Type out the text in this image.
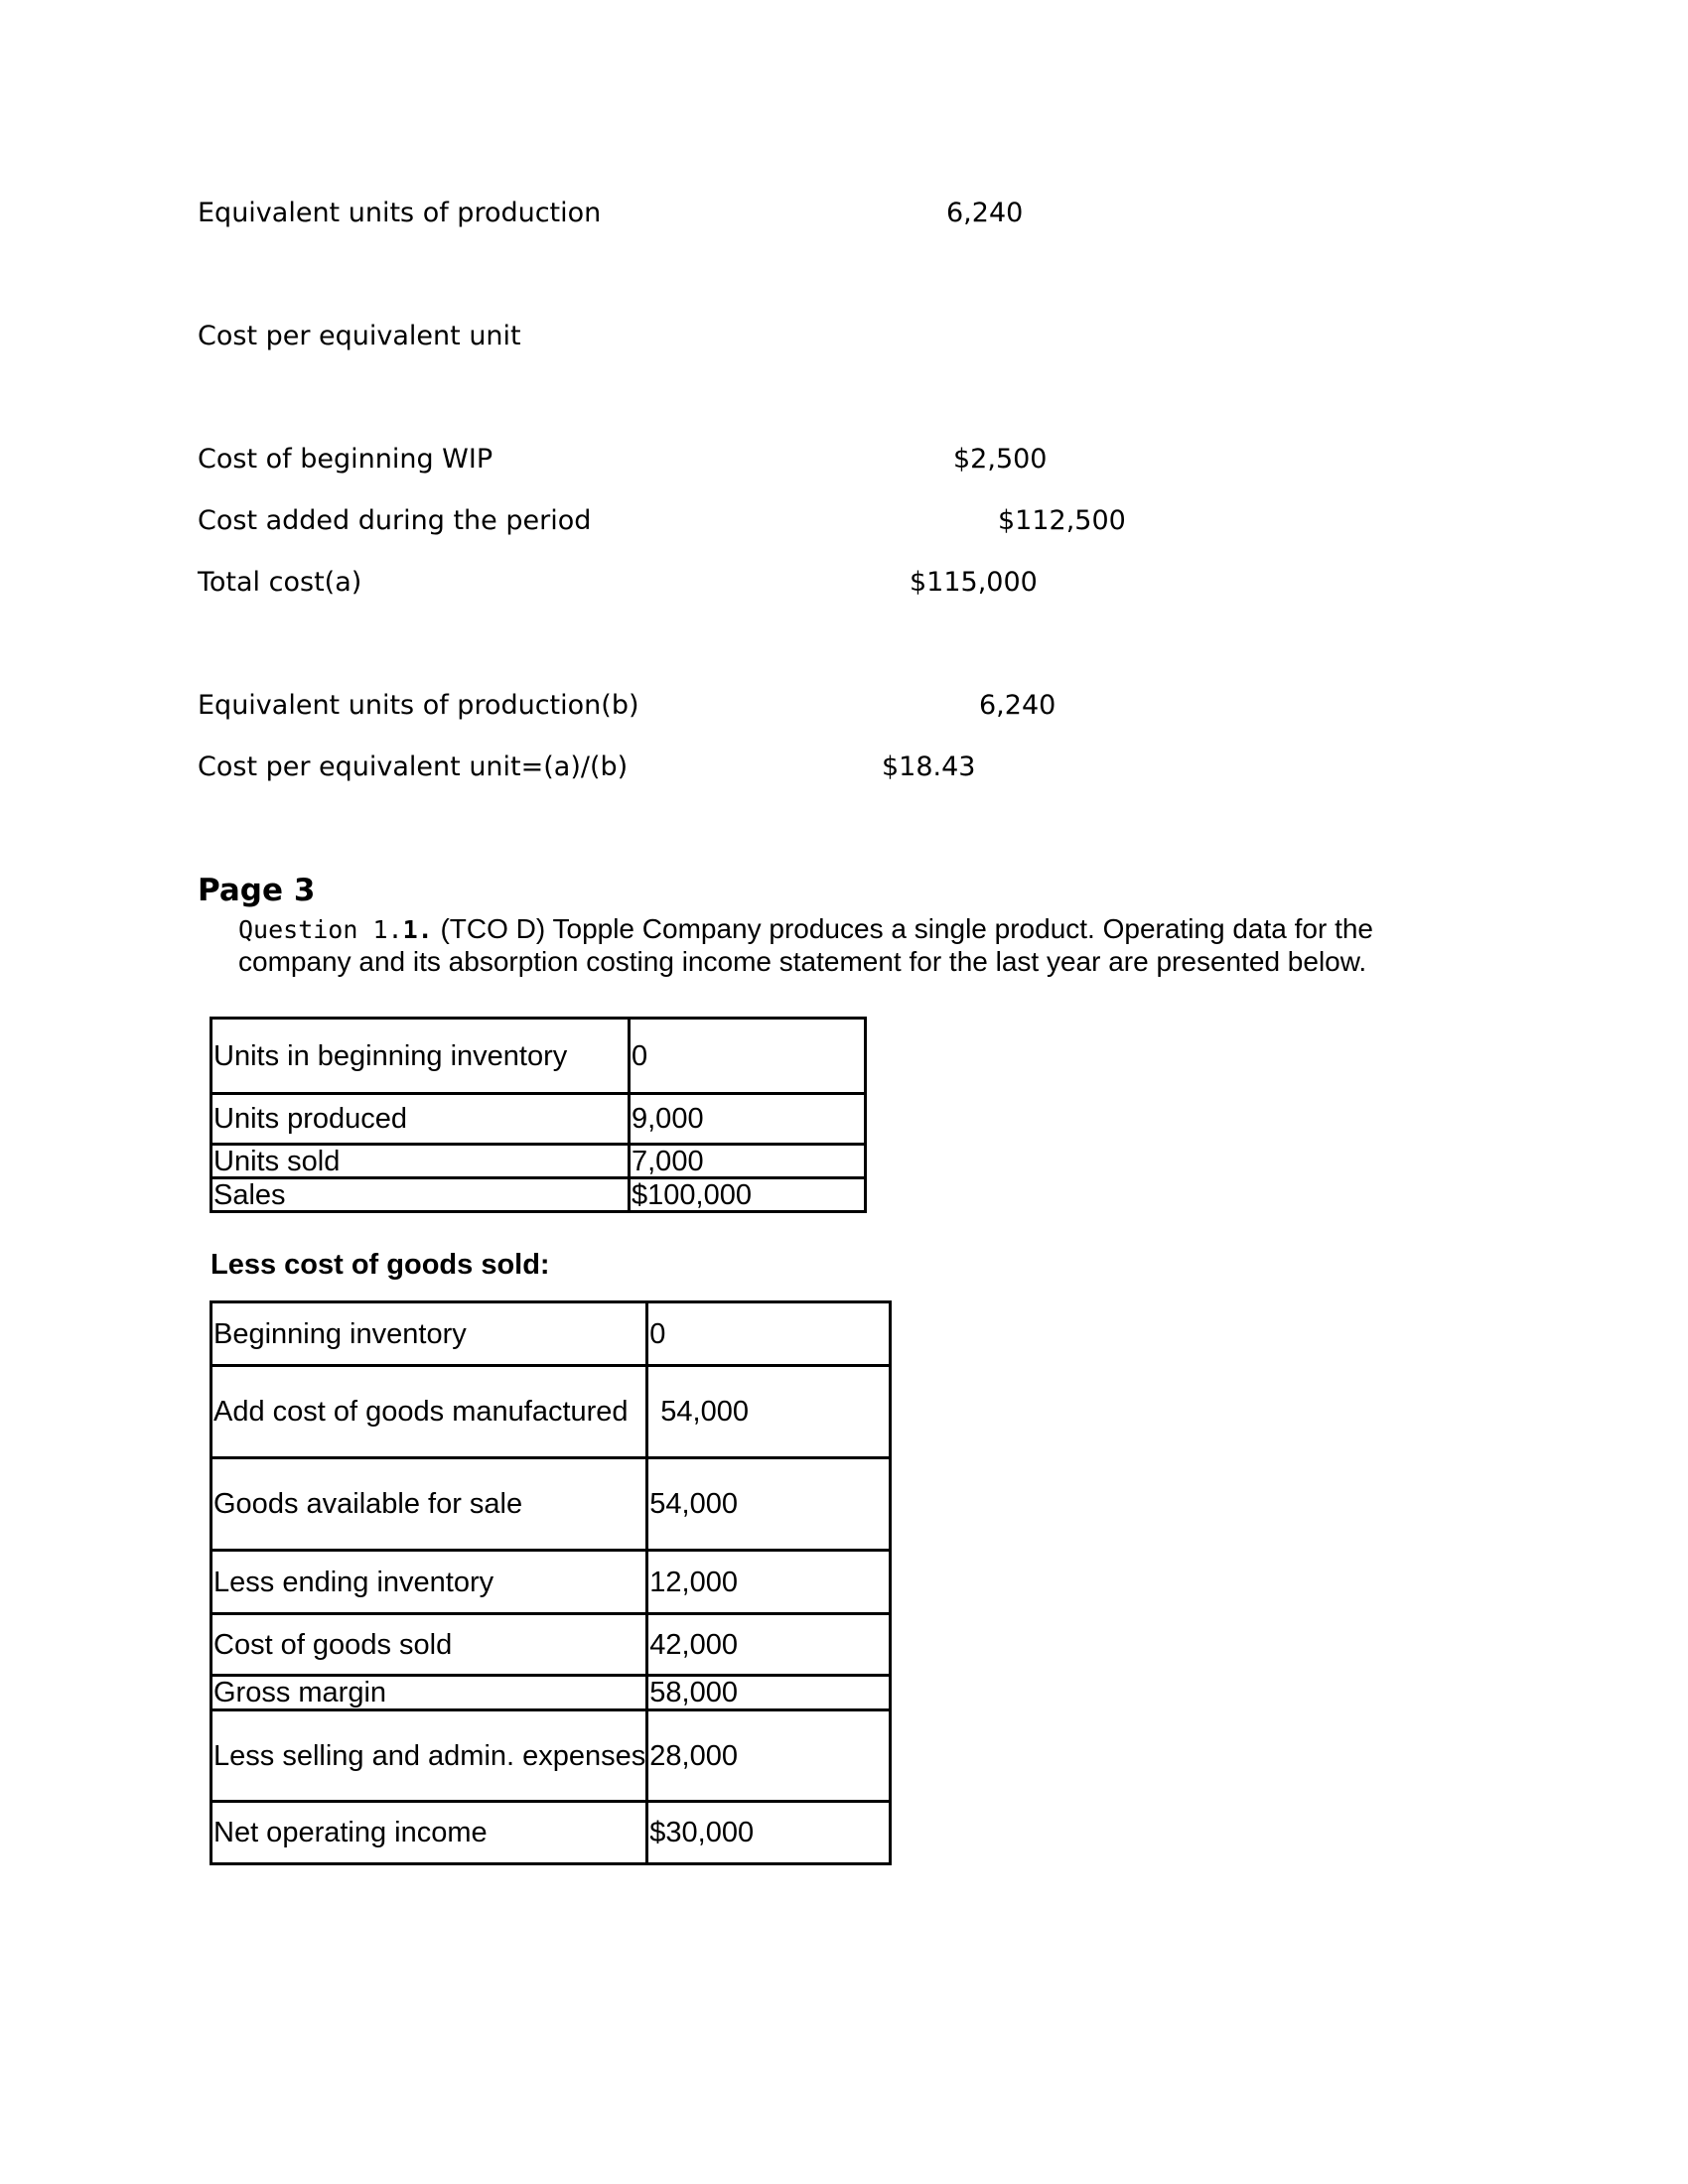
Equivalent units of production	6,240
Cost per equivalent unit
Cost of beginning WIP	$2,500
Cost added during the period	$112,500
Total cost(a)	$115,000
Equivalent units of production(b)	6,240
Cost per equivalent unit=(a)/(b)	$18.43
Page 3
Question 1.1. (TCO D) Topple Company produces a single product. Operating data for the company and its absorption costing income statement for the last year are presented below.
Units in beginning inventory	0
Units produced	9,000
Units sold	7,000
Sales	$100,000
Less cost of goods sold:
Beginning inventory	0
Add cost of goods manufactured	54,000
Goods available for sale	54,000
Less ending inventory	12,000
Cost of goods sold	42,000
Gross margin	58,000
Less selling and admin. expenses	28,000
Net operating income	$30,000
